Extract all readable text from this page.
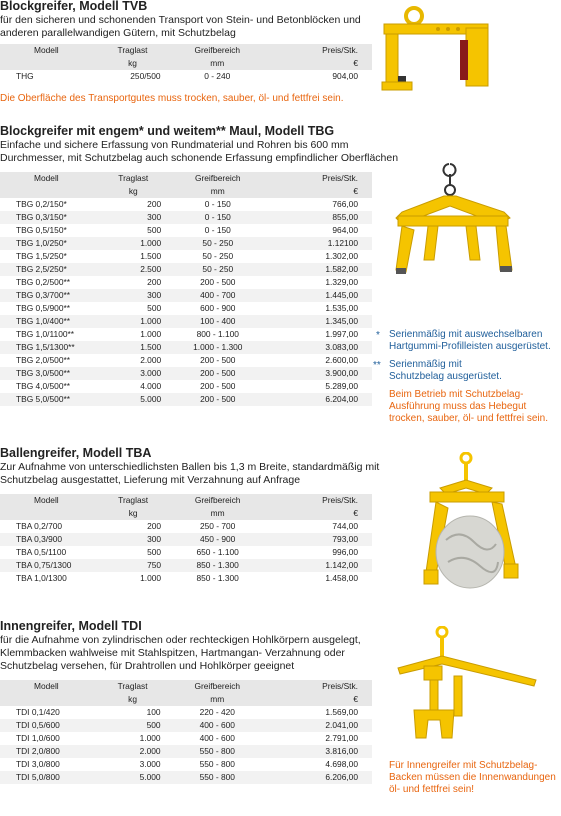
Blockgreifer, Modell TVB
für den sicheren und schonenden Transport von Stein- und Betonblöcken und anderen parallelwandigen Gütern, mit Schutzbelag
Modell	Traglast	Greifbereich	Preis/Stk.
	kg	mm	€
THG	250/500	0 - 240	904,00
Die Oberfläche des Transportgutes muss trocken, sauber, öl- und fettfrei sein.
Blockgreifer mit engem* und weitem** Maul, Modell TBG
Einfache und sichere Erfassung von Rundmaterial und Rohren bis 600 mm Durchmesser, mit Schutzbelag auch schonende Erfassung empfindlicher Oberflächen
Modell	Traglast	Greifbereich	Preis/Stk.
	kg	mm	€
TBG 0,2/150*	200	0 - 150	766,00
TBG 0,3/150*	300	0 - 150	855,00
TBG 0,5/150*	500	0 - 150	964,00
TBG 1,0/250*	1.000	50 - 250	1.12100
TBG 1,5/250*	1.500	50 - 250	1.302,00
TBG 2,5/250*	2.500	50 - 250	1.582,00
TBG 0,2/500**	200	200 - 500	1.329,00
TBG 0,3/700**	300	400 - 700	1.445,00
TBG 0,5/900**	500	600 - 900	1.535,00
TBG 1,0/400**	1.000	100 - 400	1.345,00
TBG 1,0/1100**	1.000	800 - 1.100	1.997,00
TBG 1,5/1300**	1.500	1.000 - 1.300	3.083,00
TBG 2,0/500**	2.000	200 - 500	2.600,00
TBG 3,0/500**	3.000	200 - 500	3.900,00
TBG 4,0/500**	4.000	200 - 500	5.289,00
TBG 5,0/500**	5.000	200 - 500	6.204,00
* Serienmäßig mit auswechselbaren Hartgummi-Profilleisten ausgerüstet.
** Serienmäßig mit Schutzbelag ausgerüstet.
Beim Betrieb mit Schutzbelag-Ausführung muss das Hebegut trocken, sauber, öl- und fettfrei sein.
Ballengreifer, Modell TBA
Zur Aufnahme von unterschiedlichsten Ballen bis 1,3 m Breite, standardmäßig mit Schutzbelag ausgestattet, Lieferung mit Verzahnung auf Anfrage
Modell	Traglast	Greifbereich	Preis/Stk.
	kg	mm	€
TBA 0,2/700	200	250 - 700	744,00
TBA 0,3/900	300	450 - 900	793,00
TBA 0,5/1100	500	650 - 1.100	996,00
TBA 0,75/1300	750	850 - 1.300	1.142,00
TBA 1,0/1300	1.000	850 - 1.300	1.458,00
Innengreifer, Modell TDI
für die Aufnahme von zylindrischen oder rechteckigen Hohlkörpern ausgelegt, Klemmbacken wahlweise mit Stahlspitzen, Hartmangan- Verzahnung oder Schutzbelag versehen, für Drahtrollen und Hohlkörper geeignet
Modell	Traglast	Greifbereich	Preis/Stk.
	kg	mm	€
TDI 0,1/420	100	220 - 420	1.569,00
TDI 0,5/600	500	400 - 600	2.041,00
TDI 1,0/600	1.000	400 - 600	2.791,00
TDI 2,0/800	2.000	550 - 800	3.816,00
TDI 3,0/800	3.000	550 - 800	4.698,00
TDI 5,0/800	5.000	550 - 800	6.206,00
Für Innengreifer mit Schutzbelag-Backen müssen die Innenwandungen öl- und fettfrei sein!
